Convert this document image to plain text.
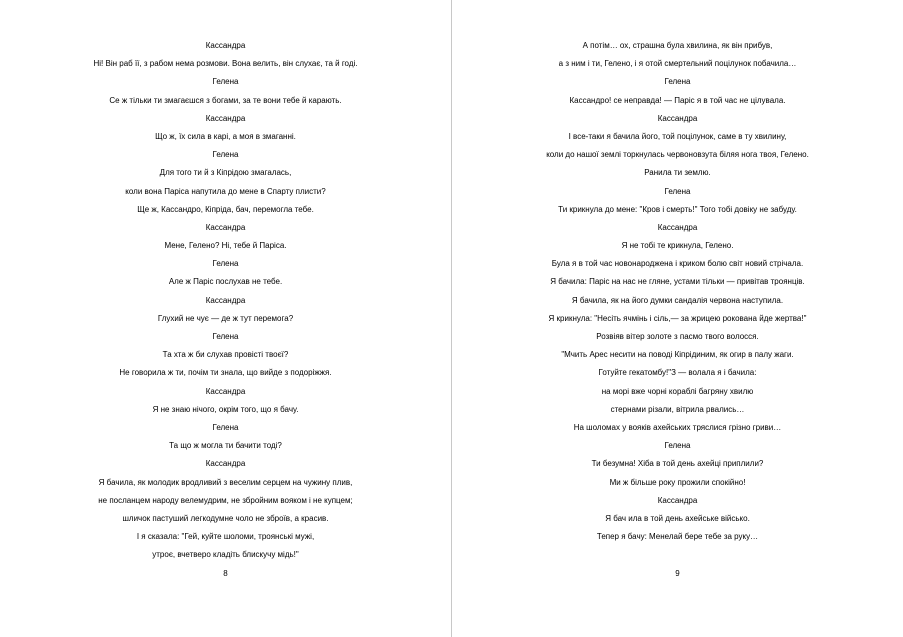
Кассандра
Ні! Він раб її, з рабом нема розмови. Вона велить, він слухає, та й годі.
Гелена
Се ж тільки ти змагаєшся з богами, за те вони тебе й карають.
Кассандра
Що ж, їх сила в карі, а моя в змаганні.
Гелена
Для того ти й з Кіпрідою змагалась,
коли вона Паріса напутила до мене в Спарту плисти?
Ще ж, Кассандро, Кіпріда, бач, перемогла тебе.
Кассандра
Мене, Гелено? Ні, тебе й Паріса.
Гелена
Але ж Паріс послухав не тебе.
Кассандра
Глухий не чує — де ж тут перемога?
Гелена
Та хта ж би слухав провісті твоєї?
Не говорила ж ти, почім ти знала, що вийде з подорiжжя.
Кассандра
Я не знаю нічого, окрім того, що я бачу.
Гелена
Та що ж могла ти бачити тоді?
Кассандра
Я бачила, як молодик вродливий з веселим серцем на чужину плив,
не посланцем народу велемудрим, не збройним вояком і не купцем;
шличок пастуший легкодумне чоло не зброїв, а красив.
І я сказала: "Гей, куйте шоломи, троянські мужі,
утроє, вчетверо кладіть блискучу мідь!"
8
А потім… ох, страшна була хвилина, як він прибув,
а з ним і ти, Гелено, і я отой смертельний поцілунок побачила…
Гелена
Кассандро! се неправда! — Паріс я в той час не цілувала.
Кассандра
І все-таки я бачила його, той поцілунок, саме в ту хвилину,
коли до нашої землі торкнулась червоновзута біляя нога твоя, Гелено.
Ранила ти землю.
Гелена
Ти крикнула до мене: "Кров і смерть!" Того тобі довіку не забуду.
Кассандра
Я не тобі те крикнула, Гелено.
Була я в той час новонароджена і криком болю світ новий стрічала.
Я бачила: Паріс на нас не гляне, устами тільки — привітав троянців.
Я бачила, як на його думки сандалія червона наступила.
Я крикнула: "Несіть ячмінь і сіль,— за жрицею рокована йде жертва!"
Розвіяв вітер золоте з пасмо твого волосся.
"Мчить Арес несити на поводі Кіпрідиним, як огир в палу жаги.
Готуйте гекатомбу!"З — волала я і бачила:
на морі вже чорні кораблі багряну хвилю
стернами різали, вітрила рвались…
На шоломах у вояків ахейських тряслися грізно гриви…
Гелена
Ти безумна! Хіба в той день ахейці приплили?
Ми ж більше року прожили спокійно!
Кассандра
Я бач ила в той день ахейське військо.
Тепер я бачу: Менелай бере тебе за руку…
9
